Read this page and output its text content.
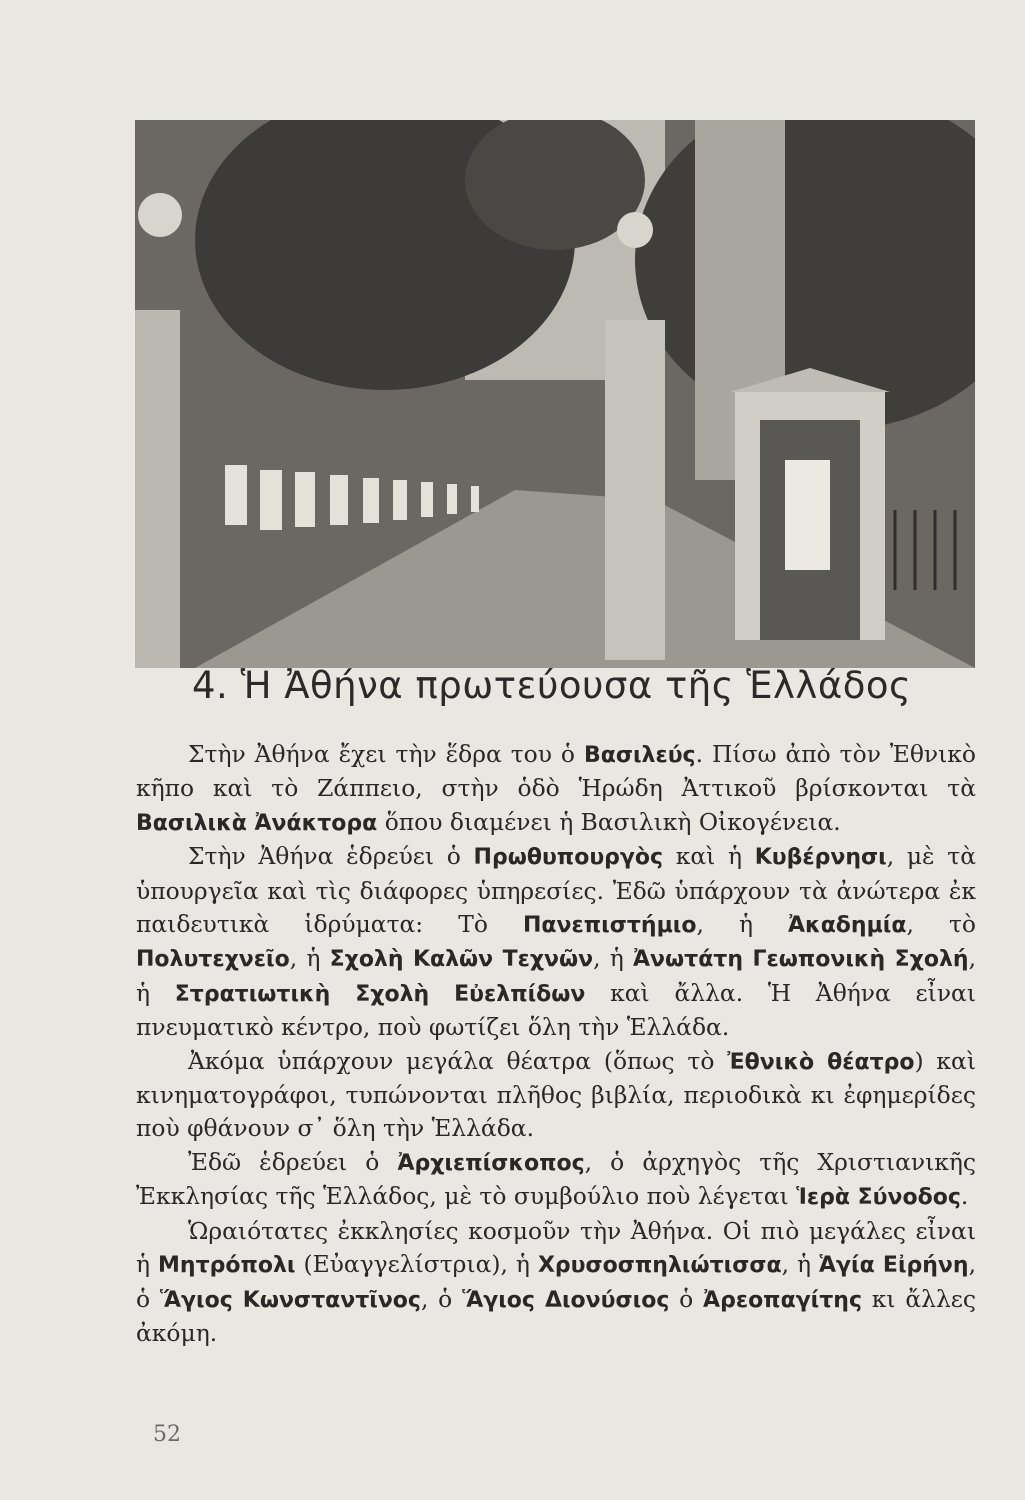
4. Ἡ Ἀθήνα πρωτεύουσα τῆς Ἑλλάδος

Στὴν Ἀθήνα ἔχει τὴν ἕδρα του ὁ Βασιλεύς. Πίσω ἀπὸ τὸν Ἐθνικὸ κῆπο καὶ τὸ Ζάππειο, στὴν ὁδὸ Ἡρώδη Ἀττικοῦ βρίσκονται τὰ Βασιλικὰ Ἀνάκτορα ὅπου διαμένει ἡ Βασιλικὴ Οἰκογένεια.

Στὴν Ἀθήνα ἑδρεύει ὁ Πρωθυπουργὸς καὶ ἡ Κυβέρνησι, μὲ τὰ ὑπουργεῖα καὶ τὶς διάφορες ὑπηρεσίες. Ἐδῶ ὑπάρχουν τὰ ἀνώτερα ἐκ παιδευτικὰ ἱδρύματα: Τὸ Πανεπιστήμιο, ἡ Ἀκαδημία, τὸ Πολυτεχνεῖο, ἡ Σχολὴ Καλῶν Τεχνῶν, ἡ Ἀνωτάτη Γεωπονικὴ Σχολή, ἡ Στρατιωτικὴ Σχολὴ Εὐελπίδων καὶ ἄλλα. Ἡ Ἀθήνα εἶναι πνευματικὸ κέντρο, ποὺ φωτίζει ὅλη τὴν Ἑλλάδα.

Ἀκόμα ὑπάρχουν μεγάλα θέατρα (ὅπως τὸ Ἐθνικὸ θέατρο) καὶ κινηματογράφοι, τυπώνονται πλῆθος βιβλία, περιοδικὰ κι ἐφημερίδες ποὺ φθάνουν σ᾽ ὅλη τὴν Ἑλλάδα.

Ἐδῶ ἑδρεύει ὁ Ἀρχιεπίσκοπος, ὁ ἀρχηγὸς τῆς Χριστιανικῆς Ἐκκλησίας τῆς Ἑλλάδος, μὲ τὸ συμβούλιο ποὺ λέγεται Ἱερὰ Σύνοδος.

Ὡραιότατες ἐκκλησίες κοσμοῦν τὴν Ἀθήνα. Οἱ πιὸ μεγάλες εἶναι ἡ Μητρόπολι (Εὐαγγελίστρια), ἡ Χρυσοσπηλιώτισσα, ἡ Ἁγία Εἰρήνη, ὁ Ἅγιος Κωνσταντῖνος, ὁ Ἅγιος Διονύσιος ὁ Ἀρεοπαγίτης κι ἄλλες ἀκόμη.

52
